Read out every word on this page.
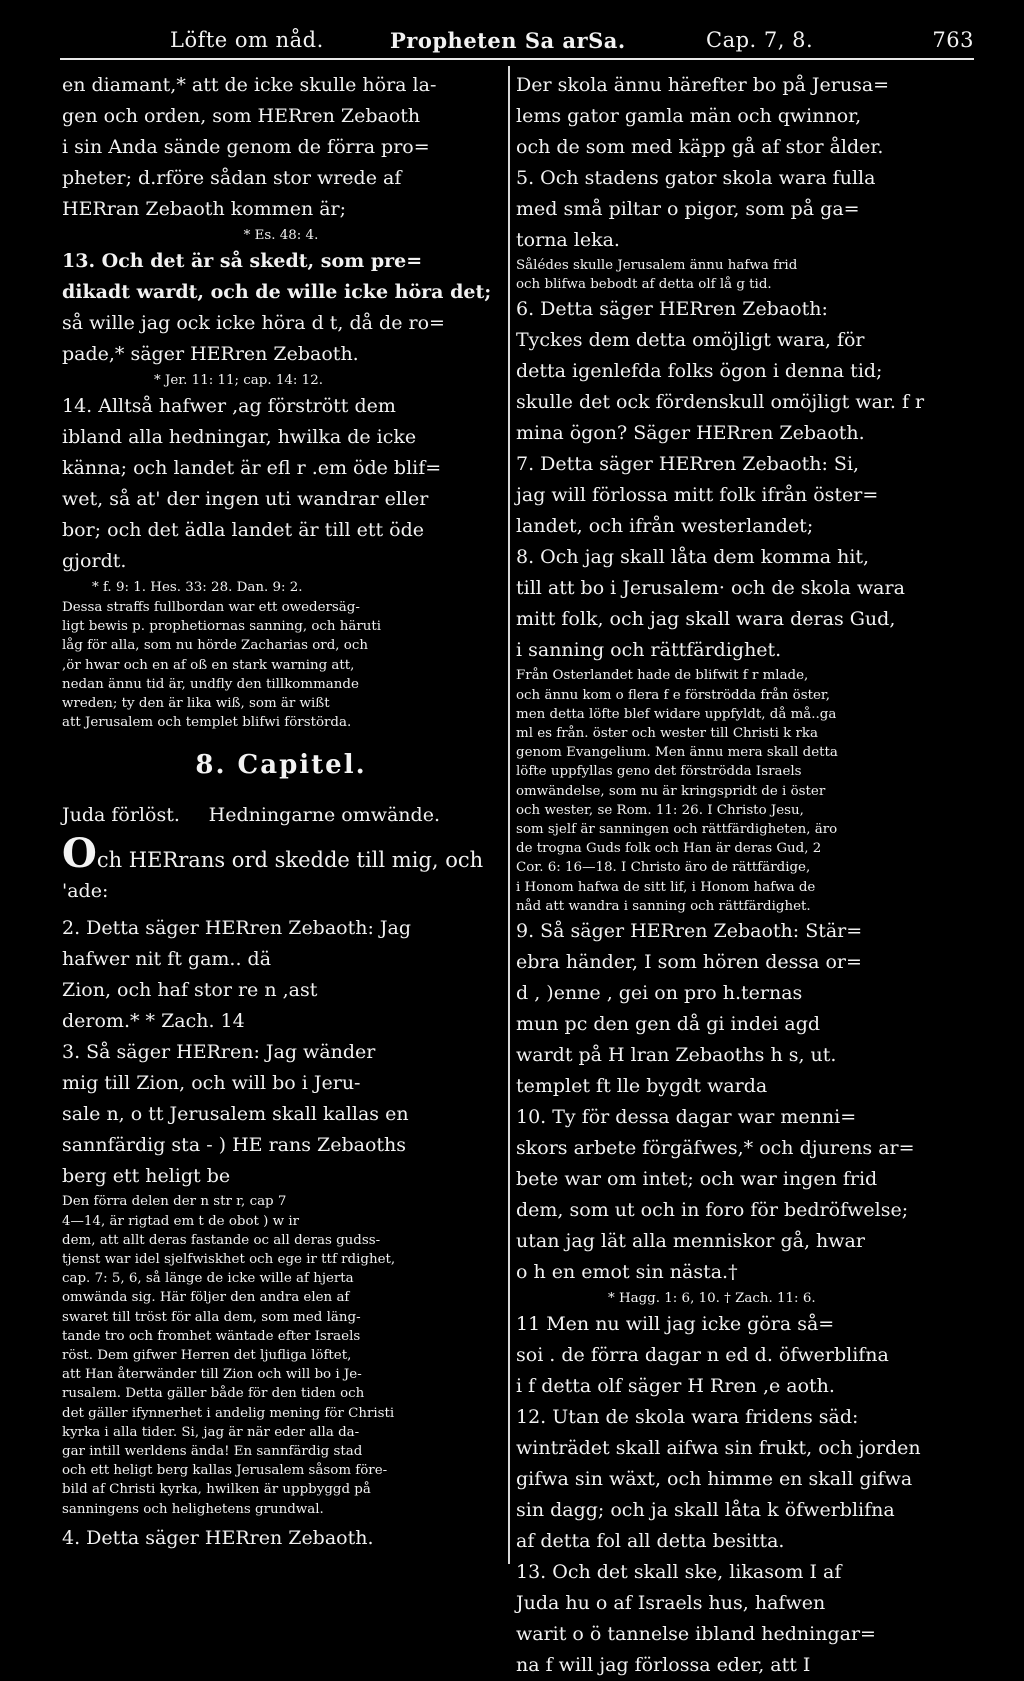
Löfte om nåd.	Propheten Sa arSa.	Cap. 7, 8.	763

en diamant,* att de icke skulle höra la-

gen och orden, som HERren Zebaoth

i sin Anda sände genom de förra pro=

pheter; d.rföre sådan stor wrede af

HERran Zebaoth kommen är;

* Es. 48: 4.

13. Och det är så skedt, som pre=

dikadt wardt, och de wille icke höra det;

så wille jag ock icke höra d t, då de ro=

pade,* säger HERren Zebaoth.

* Jer. 11: 11; cap. 14: 12.

14. Alltså hafwer ,ag förstrött dem

ibland alla hedningar, hwilka de icke

känna; och landet är efl r .em öde blif=

wet, så at' der ingen uti wandrar eller

bor; och det ädla landet är till ett öde

gjordt.

* f. 9: 1. Hes. 33: 28. Dan. 9: 2.

Dessa straffs fullbordan war ett owedersäg-

ligt bewis p. prophetiornas sanning, och häruti

låg för alla, som nu hörde Zacharias ord, och

,ör hwar och en af oß en stark warning att,

nedan ännu tid är, undfly den tillkommande

wreden; ty den är lika wiß, som är wißt

att Jerusalem och templet blifwi förstörda.

8. Capitel.

Juda förlöst. Hedningarne omwände.

Och HERrans ord skedde till mig, och

'ade:

2. Detta säger HERren Zebaoth: Jag

hafwer nit ft gam.. dä

Zion, och haf stor re n ,ast

derom.* * Zach. 14

3. Så säger HERren: Jag wänder

mig till Zion, och will bo i Jeru-

sale n, o tt Jerusalem skall kallas en

sannfärdig sta - ) HE rans Zebaoths

berg ett heligt be

Den förra delen der n str r, cap 7

4—14, är rigtad em t de obot ) w ir

dem, att allt deras fastande oc all deras gudss-

tjenst war idel sjelfwiskhet och ege ir ttf rdighet,

cap. 7: 5, 6, så länge de icke wille af hjerta

omwända sig. Här följer den andra elen af

swaret till tröst för alla dem, som med läng-

tande tro och fromhet wäntade efter Israels

röst. Dem gifwer Herren det ljufliga löftet,

att Han återwänder till Zion och will bo i Je-

rusalem. Detta gäller både för den tiden och

det gäller ifynnerhet i andelig mening för Christi

kyrka i alla tider. Si, jag är när eder alla da-

gar intill werldens ända! En sannfärdig stad

och ett heligt berg kallas Jerusalem såsom före-

bild af Christi kyrka, hwilken är uppbyggd på

sanningens och helighetens grundwal.

4. Detta säger HERren Zebaoth.

Der skola ännu härefter bo på Jerusa=

lems gator gamla män och qwinnor,

och de som med käpp gå af stor ålder.

5. Och stadens gator skola wara fulla

med små piltar o pigor, som på ga=

torna leka.

Sålédes skulle Jerusalem ännu hafwa frid

och blifwa bebodt af detta olf lå g tid.

6. Detta säger HERren Zebaoth:

Tyckes dem detta omöjligt wara, för

detta igenlefda folks ögon i denna tid;

skulle det ock fördenskull omöjligt war. f r

mina ögon? Säger HERren Zebaoth.

7. Detta säger HERren Zebaoth: Si,

jag will förlossa mitt folk ifrån öster=

landet, och ifrån westerlandet;

8. Och jag skall låta dem komma hit,

till att bo i Jerusalem· och de skola wara

mitt folk, och jag skall wara deras Gud,

i sanning och rättfärdighet.

Från Osterlandet hade de blifwit f r mlade,

och ännu kom o flera f e förströdda från öster,

men detta löfte blef widare uppfyldt, då må..ga

ml es från. öster och wester till Christi k rka

genom Evangelium. Men ännu mera skall detta

löfte uppfyllas geno det förströdda Israels

omwändelse, som nu är kringspridt de i öster

och wester, se Rom. 11: 26. I Christo Jesu,

som sjelf är sanningen och rättfärdigheten, äro

de trogna Guds folk och Han är deras Gud, 2

Cor. 6: 16—18. I Christo äro de rättfärdige,

i Honom hafwa de sitt lif, i Honom hafwa de

nåd att wandra i sanning och rättfärdighet.

9. Så säger HERren Zebaoth: Stär=

ebra händer, I som hören dessa or=

d , )enne , gei on pro h.ternas

mun pc den gen då gi indei agd

wardt på H lran Zebaoths h s, ut.

templet ft lle bygdt warda

10. Ty för dessa dagar war menni=

skors arbete förgäfwes,* och djurens ar=

bete war om intet; och war ingen frid

dem, som ut och in foro för bedröfwelse;

utan jag lät alla menniskor gå, hwar

o h en emot sin nästa.†

* Hagg. 1: 6, 10. † Zach. 11: 6.

11 Men nu will jag icke göra så=

soi . de förra dagar n ed d. öfwerblifna

i f detta olf säger H Rren ,e aoth.

12. Utan de skola wara fridens säd:

winträdet skall aifwa sin frukt, och jorden

gifwa sin wäxt, och himme en skall gifwa

sin dagg; och ja skall låta k öfwerblifna

af detta fol all detta besitta.

13. Och det skall ske, likasom I af

Juda hu o af Israels hus, hafwen

warit o ö tannelse ibland hedningar=

na f will jag förlossa eder, att I
